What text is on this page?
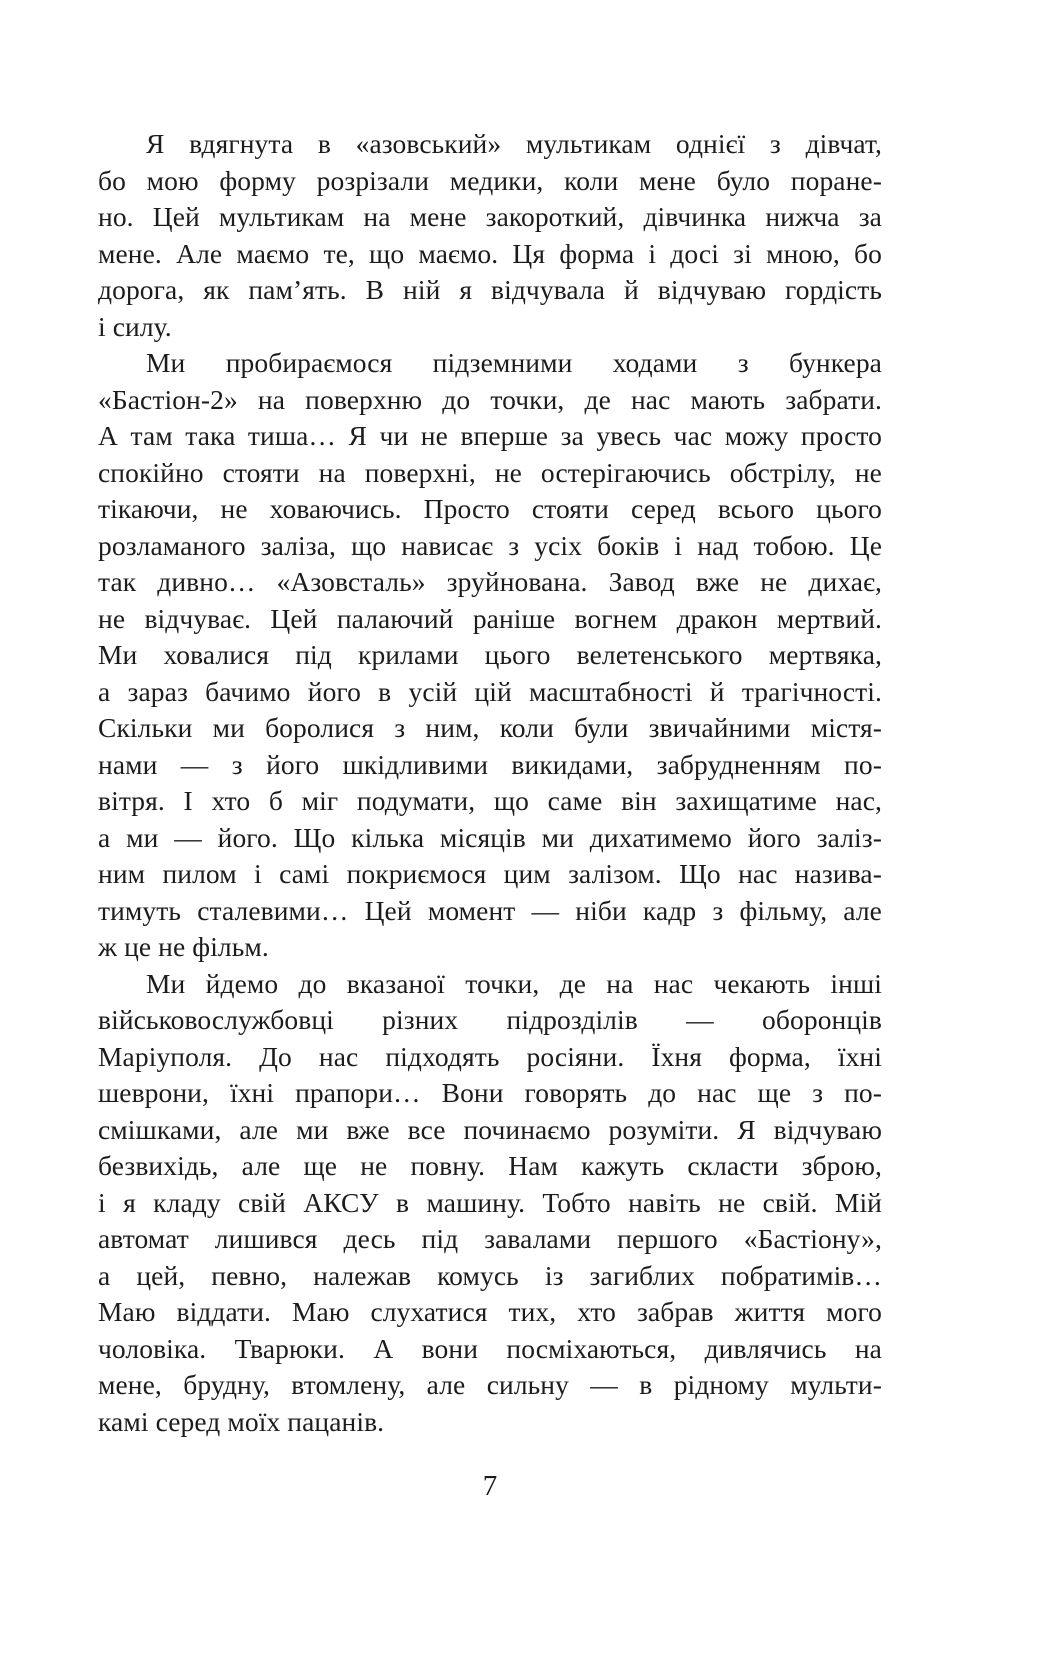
Я вдягнута в «азовський» мультикам однієї з дівчат,
бо мою форму розрізали медики, коли мене було поране-
но. Цей мультикам на мене закороткий, дівчинка нижча за
мене. Але маємо те, що маємо. Ця форма і досі зі мною, бо
дорога, як пам’ять. В ній я відчувала й відчуваю гордість
і силу.
Ми пробираємося підземними ходами з бункера
«Бастіон-2» на поверхню до точки, де нас мають забрати.
А там така тиша… Я чи не вперше за увесь час можу просто
спокійно стояти на поверхні, не остерігаючись обстрілу, не
тікаючи, не ховаючись. Просто стояти серед всього цього
розламаного заліза, що нависає з усіх боків і над тобою. Це
так дивно… «Азовсталь» зруйнована. Завод вже не дихає,
не відчуває. Цей палаючий раніше вогнем дракон мертвий.
Ми ховалися під крилами цього велетенського мертвяка,
а зараз бачимо його в усій цій масштабності й трагічності.
Скільки ми боролися з ним, коли були звичайними містя-
нами — з його шкідливими викидами, забрудненням по-
вітря. І хто б міг подумати, що саме він захищатиме нас,
а ми — його. Що кілька місяців ми дихатимемо його заліз-
ним пилом і самі покриємося цим залізом. Що нас назива-
тимуть сталевими… Цей момент — ніби кадр з фільму, але
ж це не фільм.
Ми йдемо до вказаної точки, де на нас чекають інші
військовослужбовці різних підрозділів — оборонців
Маріуполя. До нас підходять росіяни. Їхня форма, їхні
шеврони, їхні прапори… Вони говорять до нас ще з по-
смішками, але ми вже все починаємо розуміти. Я відчуваю
безвихідь, але ще не повну. Нам кажуть скласти зброю,
і я кладу свій АКСУ в машину. Тобто навіть не свій. Мій
автомат лишився десь під завалами першого «Бастіону»,
а цей, певно, належав комусь із загиблих побратимів…
Маю віддати. Маю слухатися тих, хто забрав життя мого
чоловіка. Тварюки. А вони посміхаються, дивлячись на
мене, брудну, втомлену, але сильну — в рідному мульти-
камі серед моїх пацанів.
7
